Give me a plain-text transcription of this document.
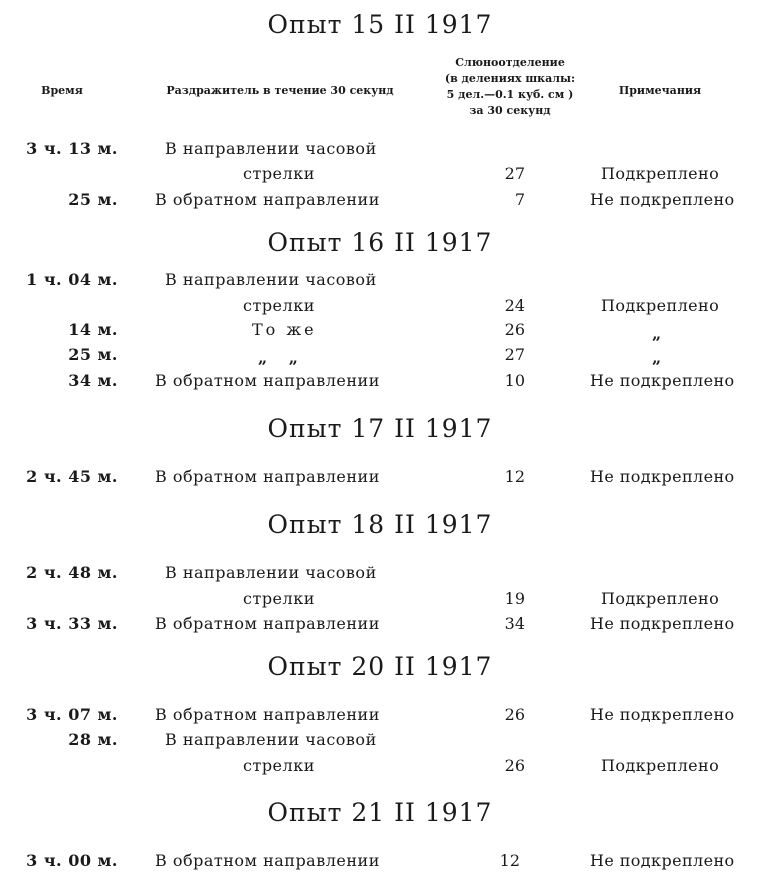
Время	Раздражитель в течение 30 секунд
Слюноотделение
(в делениях шкалы:
5 дел.—0.1 куб. см )
за 30 секунд
Примечания
Опыт 15 II 1917
3 ч. 13 м.	В направлении часовой
стрелки	27	Подкреплено
25 м. В обратном направлении	7	Не подкреплено
Опыт 16 II 1917
1 ч. 04 м.	В направлении часовой
стрелки	24	Подкреплено
14 м.	То же	26	„
25 м.	„ „	27	„
34 м. В обратном направлении	10	Не подкреплено
Опыт 17 II 1917
2 ч. 45 м. В обратном направлении	12	Не подкреплено
Опыт 18 II 1917
2 ч. 48 м.	В направлении часовой
стрелки	19	Подкреплено
3 ч. 33 м. В обратном направлении	34	Не подкреплено
Опыт 20 II 1917
3 ч. 07 м. В обратном направлении	26	Не подкреплено
28 м.	В направлении часовой
стрелки	26	Подкреплено
Опыт 21 II 1917
3 ч. 00 м. В обратном направлении	12	Не подкреплено
